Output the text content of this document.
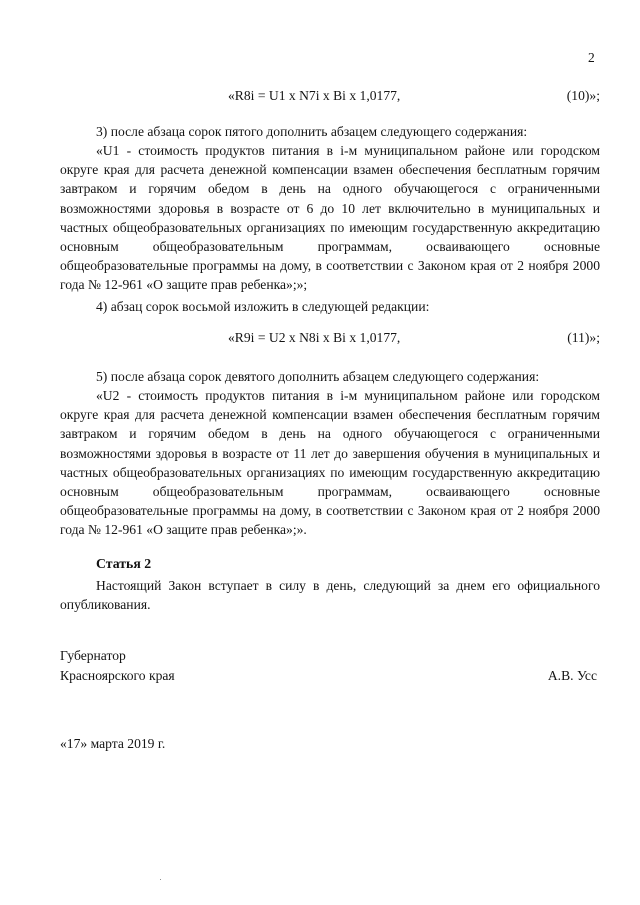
2
«R8i = U1 x N7i x Bi x 1,0177,	(10)»;

3) после абзаца сорок пятого дополнить абзацем следующего содержания:

«U1 - стоимость продуктов питания в i-м муниципальном районе или городском округе края для расчета денежной компенсации взамен обеспечения бесплатным горячим завтраком и горячим обедом в день на одного обучающегося с ограниченными возможностями здоровья в возрасте от 6 до 10 лет включительно в муниципальных и частных общеобразовательных организациях по имеющим государственную аккредитацию основным общеобразовательным программам, осваивающего основные общеобразовательные программы на дому, в соответствии с Законом края от 2 ноября 2000 года № 12-961 «О защите прав ребенка»;»;

4) абзац сорок восьмой изложить в следующей редакции:

«R9i = U2 x N8i x Bi x 1,0177,	(11)»;

5) после абзаца сорок девятого дополнить абзацем следующего содержания:

«U2 - стоимость продуктов питания в i-м муниципальном районе или городском округе края для расчета денежной компенсации взамен обеспечения бесплатным горячим завтраком и горячим обедом в день на одного обучающегося с ограниченными возможностями здоровья в возрасте от 11 лет до завершения обучения в муниципальных и частных общеобразовательных организациях по имеющим государственную аккредитацию основным общеобразовательным программам, осваивающего основные общеобразовательные программы на дому, в соответствии с Законом края от 2 ноября 2000 года № 12-961 «О защите прав ребенка»;».

Статья 2

Настоящий Закон вступает в силу в день, следующий за днем его официального опубликования.

Губернатор
Красноярского края	А.В. Усс
«17» марта 2019 г.
